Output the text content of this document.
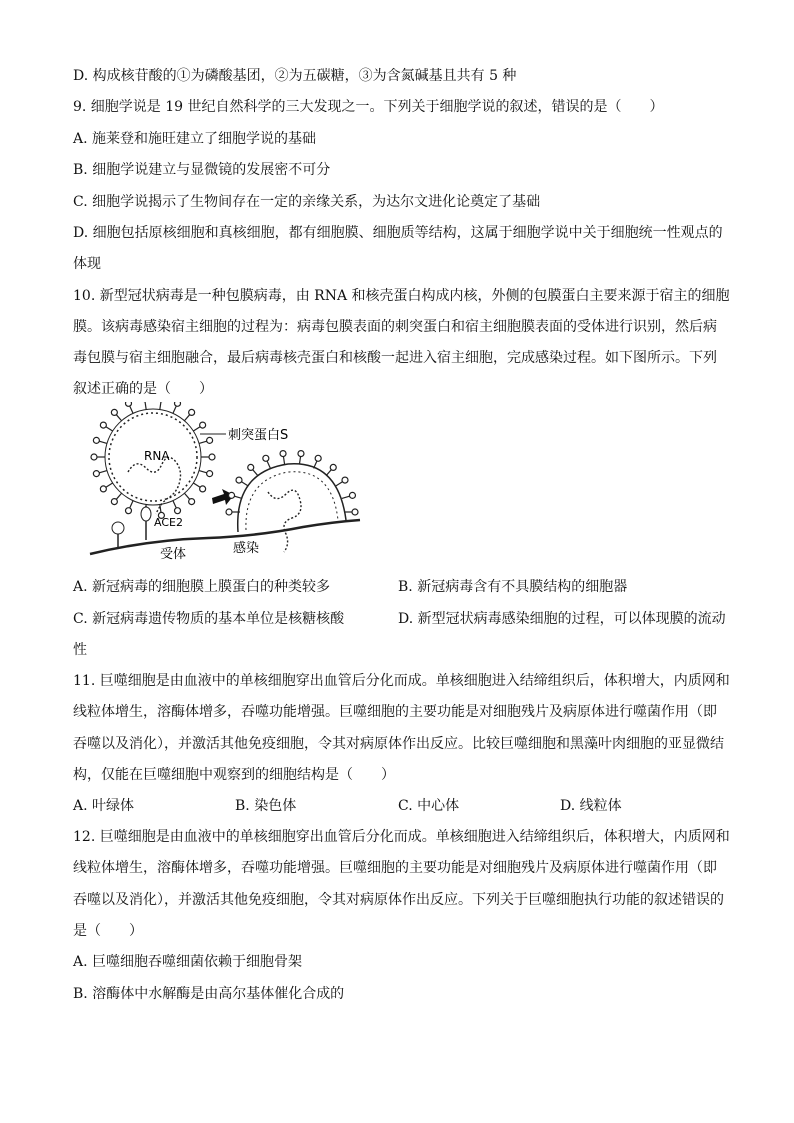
D. 构成核苷酸的①为磷酸基团，②为五碳糖，③为含氮碱基且共有 5 种
9. 细胞学说是 19 世纪自然科学的三大发现之一。下列关于细胞学说的叙述，错误的是（　　）
A. 施莱登和施旺建立了细胞学说的基础
B. 细胞学说建立与显微镜的发展密不可分
C. 细胞学说揭示了生物间存在一定的亲缘关系，为达尔文进化论奠定了基础
D. 细胞包括原核细胞和真核细胞，都有细胞膜、细胞质等结构，这属于细胞学说中关于细胞统一性观点的
体现
10. 新型冠状病毒是一种包膜病毒，由 RNA 和核壳蛋白构成内核，外侧的包膜蛋白主要来源于宿主的细胞
膜。该病毒感染宿主细胞的过程为：病毒包膜表面的刺突蛋白和宿主细胞膜表面的受体进行识别，然后病
毒包膜与宿主细胞融合，最后病毒核壳蛋白和核酸一起进入宿主细胞，完成感染过程。如下图所示。下列
叙述正确的是（　　）
刺突蛋白S
RNA
ACE2
受体	感染
A. 新冠病毒的细胞膜上膜蛋白的种类较多	B. 新冠病毒含有不具膜结构的细胞器
C. 新冠病毒遗传物质的基本单位是核糖核酸	D. 新型冠状病毒感染细胞的过程，可以体现膜的流动
性
11. 巨噬细胞是由血液中的单核细胞穿出血管后分化而成。单核细胞进入结缔组织后，体积增大，内质网和
线粒体增生，溶酶体增多，吞噬功能增强。巨噬细胞的主要功能是对细胞残片及病原体进行噬菌作用（即
吞噬以及消化），并激活其他免疫细胞，令其对病原体作出反应。比较巨噬细胞和黑藻叶肉细胞的亚显微结
构，仅能在巨噬细胞中观察到的细胞结构是（　　）
A. 叶绿体	B. 染色体	C. 中心体	D. 线粒体
12. 巨噬细胞是由血液中的单核细胞穿出血管后分化而成。单核细胞进入结缔组织后，体积增大，内质网和
线粒体增生，溶酶体增多，吞噬功能增强。巨噬细胞的主要功能是对细胞残片及病原体进行噬菌作用（即
吞噬以及消化），并激活其他免疫细胞，令其对病原体作出反应。下列关于巨噬细胞执行功能的叙述错误的
是（　　）
A. 巨噬细胞吞噬细菌依赖于细胞骨架
B. 溶酶体中水解酶是由高尔基体催化合成的
